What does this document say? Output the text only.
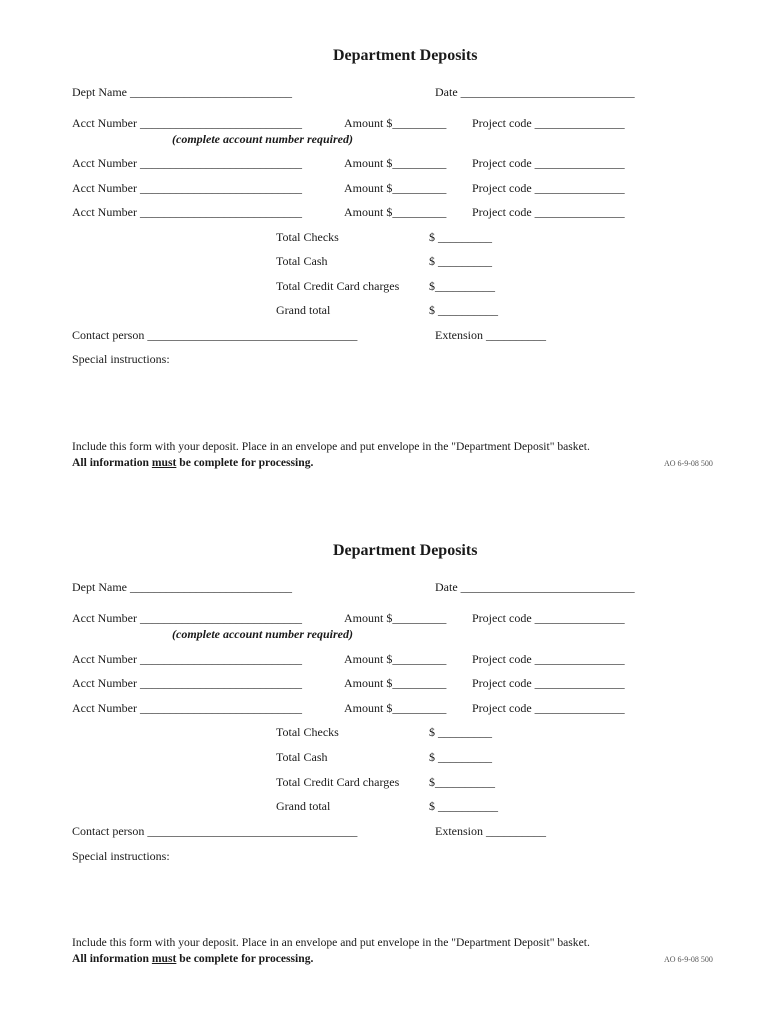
Department Deposits
Dept Name ___________________________	Date _____________________________
Acct Number ___________________________	Amount $_________ Project code _______________
(complete account number required)
Acct Number ___________________________	Amount $_________ Project code _______________
Acct Number ___________________________	Amount $_________ Project code _______________
Acct Number ___________________________	Amount $_________ Project code _______________
Total Checks	$ _________
Total Cash	$ _________
Total Credit Card charges $__________
Grand total	$ __________
Contact person ___________________________________	Extension __________
Special instructions:
Include this form with your deposit. Place in an envelope and put envelope in the "Department Deposit" basket.
All information must be complete for processing.	AO 6-9-08 500
Department Deposits
Dept Name ___________________________	Date _____________________________
Acct Number ___________________________	Amount $_________ Project code _______________
(complete account number required)
Acct Number ___________________________	Amount $_________ Project code _______________
Acct Number ___________________________	Amount $_________ Project code _______________
Acct Number ___________________________	Amount $_________ Project code _______________
Total Checks	$ _________
Total Cash	$ _________
Total Credit Card charges $__________
Grand total	$ __________
Contact person ___________________________________	Extension __________
Special instructions:
Include this form with your deposit. Place in an envelope and put envelope in the "Department Deposit" basket.
All information must be complete for processing.	AO 6-9-08 500
